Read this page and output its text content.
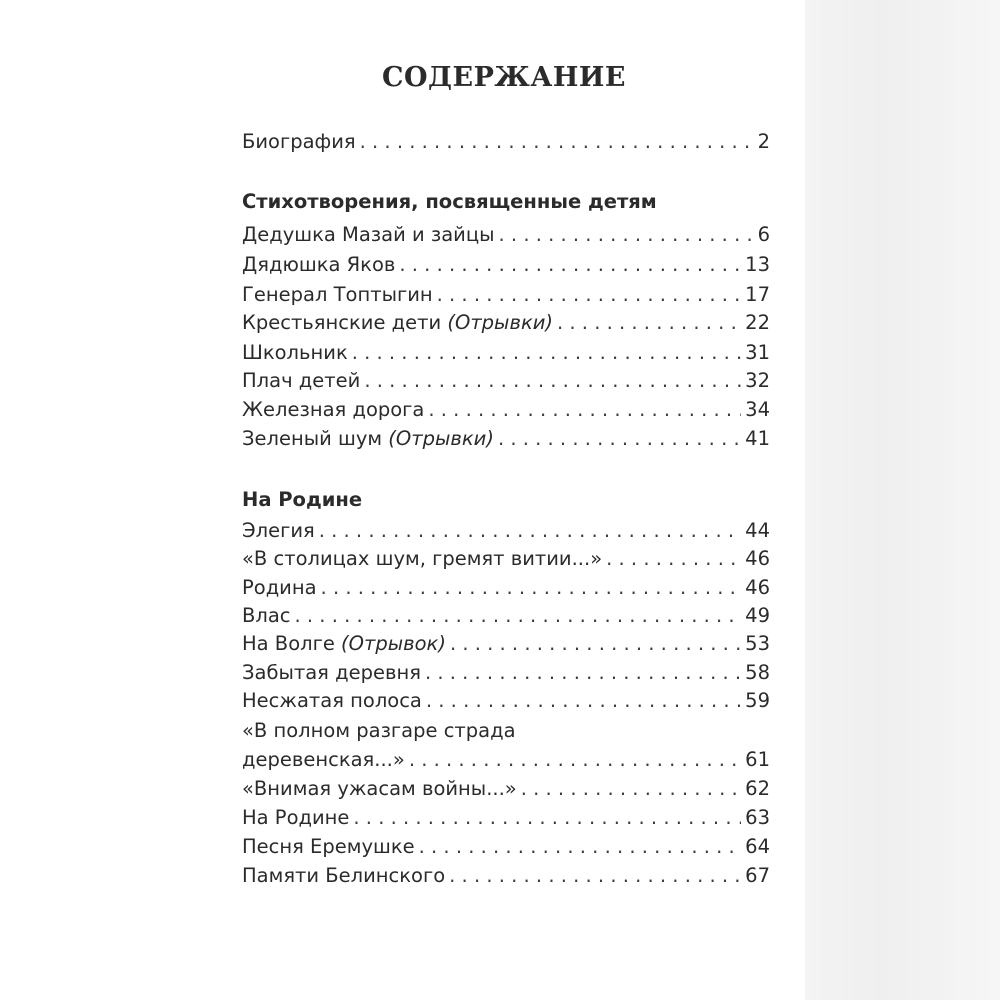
СОДЕРЖАНИЕ
Биография . . .	2
Стихотворения, посвященные детям
Дедушка Мазай и зайцы . . .	6
Дядюшка Яков . . .	13
Генерал Топтыгин . . .	17
Крестьянские дети (Отрывки) . . .	22
Школьник . . .	31
Плач детей . . .	32
Железная дорога . . .	34
Зеленый шум (Отрывки) . . .	41
На Родине
Элегия . . .	44
«В столицах шум, гремят витии...» . . .	46
Родина . . .	46
Влас . . .	49
На Волге (Отрывок) . . .	53
Забытая деревня . . .	58
Несжатая полоса . . .	59
«В полном разгаре страда
деревенская...» . . .	61
«Внимая ужасам войны...» . . .	62
На Родине . . .	63
Песня Еремушке . . .	64
Памяти Белинского . . .	67
